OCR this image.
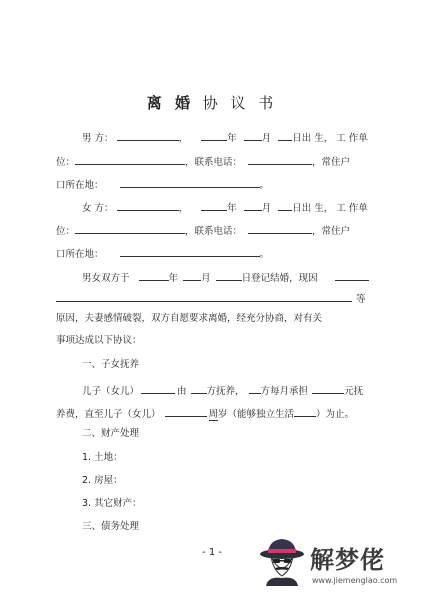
离 婚 协 议 书
男 方：	，	年	月 日出 生， 工 作单
位：	，联系电话：	，常住户
口所在地：	。
女 方：	，	年	月 日出 生， 工 作单
位：	，联系电话：	，常住户
口所在地：	。
男女双方于	年 月	日登记结婚，现因
等
原因，夫妻感情破裂，双方自愿要求离婚，经充分协商，对有关
事项达成以下协议：
一、子女抚养
儿子（女儿）	由 方抚养， 方每月承担	元抚
养费，直至儿子（女儿）	周岁（能够独立生活 ）为止。
二、财产处理
1. 土地：
2. 房屋：
3. 其它财产：
三、债务处理
- 1 -	解梦佬
www.jiemenglao.com
